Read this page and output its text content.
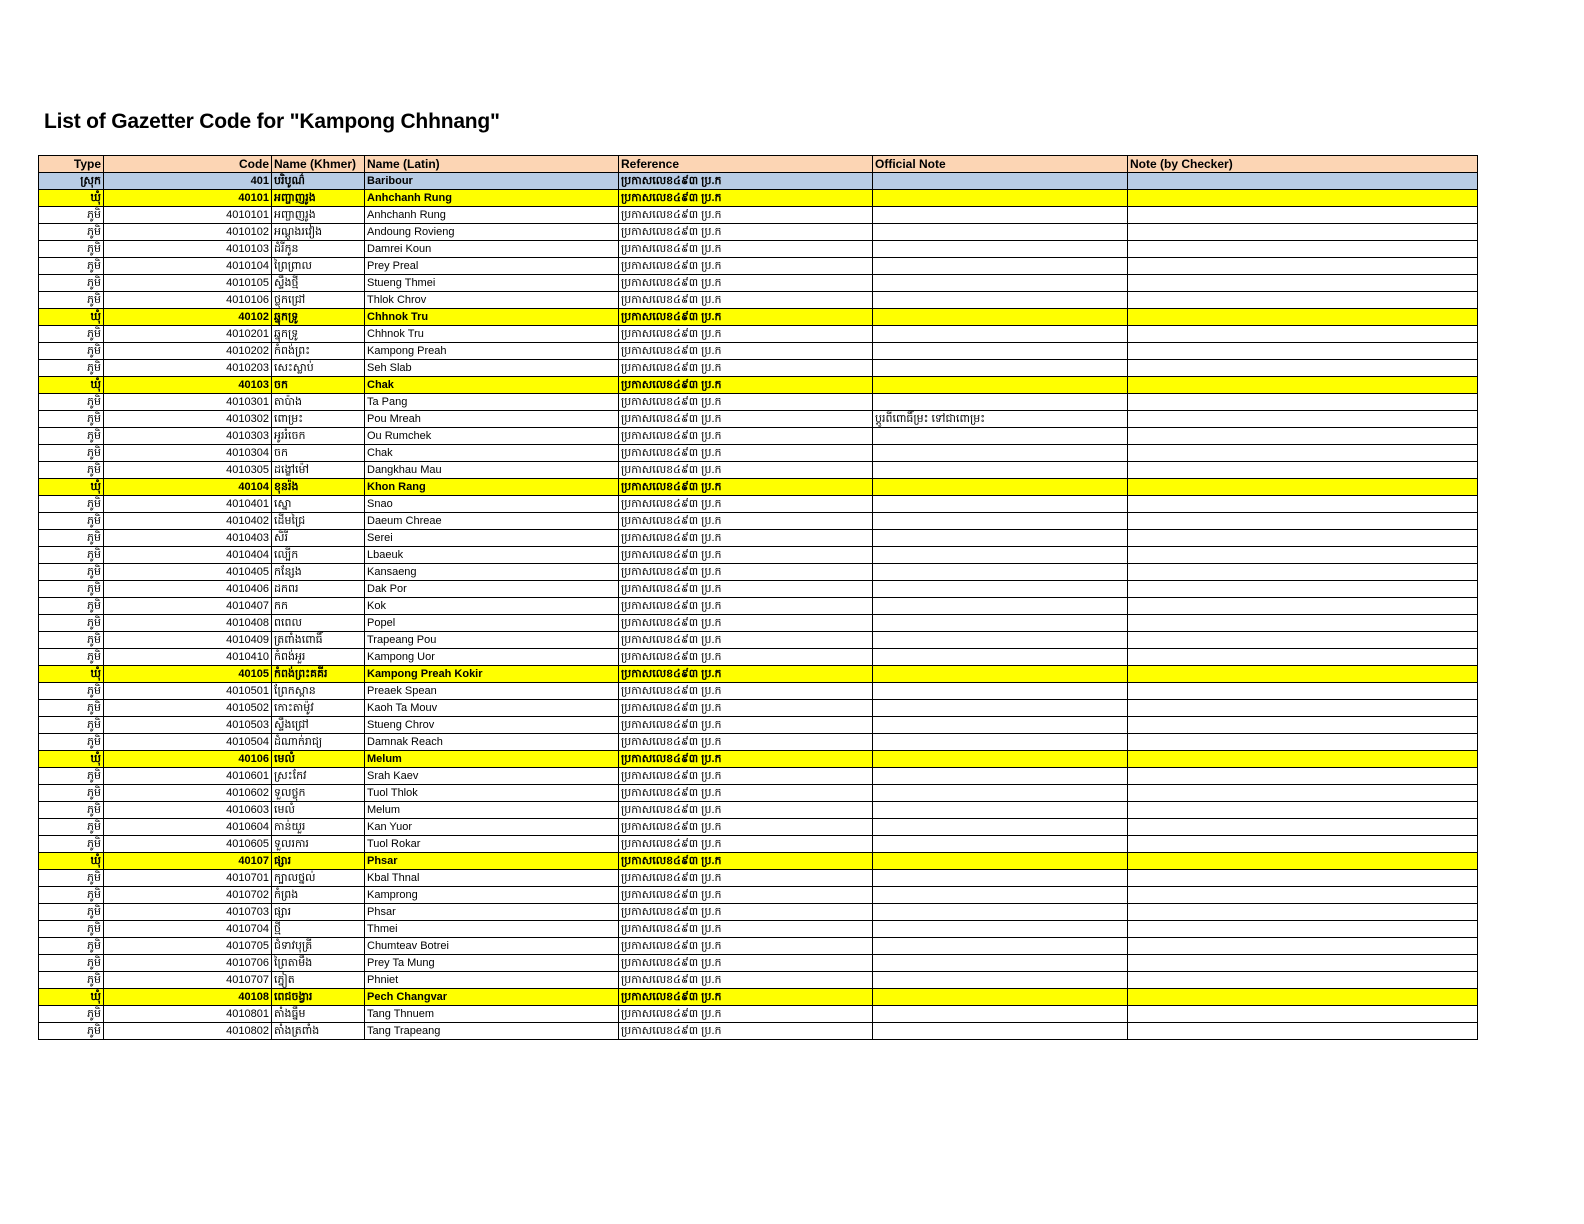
List of Gazetter Code for "Kampong Chhnang"
Type	Code	Name (Khmer)	Name (Latin)	Reference	Official Note	Note (by Checker)
ស្រុក	401	បរិបូណ៌	Baribour	ប្រកាសលេខ៤៩៣ ប្រ.ក		
ឃុំ	40101	អញ្ចាញរូង	Anhchanh Rung	ប្រកាសលេខ៤៩៣ ប្រ.ក		
ភូមិ	4010101	អញ្ចាញរូង	Anhchanh Rung	ប្រកាសលេខ៤៩៣ ប្រ.ក		
ភូមិ	4010102	អណ្តូងរវៀង	Andoung Rovieng	ប្រកាសលេខ៤៩៣ ប្រ.ក		
ភូមិ	4010103	ដំរីកូន	Damrei Koun	ប្រកាសលេខ៤៩៣ ប្រ.ក		
ភូមិ	4010104	ព្រៃព្រាល	Prey Preal	ប្រកាសលេខ៤៩៣ ប្រ.ក		
ភូមិ	4010105	ស្ទឹងថ្មី	Stueng Thmei	ប្រកាសលេខ៤៩៣ ប្រ.ក		
ភូមិ	4010106	ថ្លុកជ្រៅ	Thlok Chrov	ប្រកាសលេខ៤៩៣ ប្រ.ក		
ឃុំ	40102	ឆ្នុកទ្រូ	Chhnok Tru	ប្រកាសលេខ៤៩៣ ប្រ.ក		
ភូមិ	4010201	ឆ្នុកទ្រូ	Chhnok Tru	ប្រកាសលេខ៤៩៣ ប្រ.ក		
ភូមិ	4010202	កំពង់ព្រះ	Kampong Preah	ប្រកាសលេខ៤៩៣ ប្រ.ក		
ភូមិ	4010203	សេះស្លាប់	Seh Slab	ប្រកាសលេខ៤៩៣ ប្រ.ក		
ឃុំ	40103	ចក	Chak	ប្រកាសលេខ៤៩៣ ប្រ.ក		
ភូមិ	4010301	តាប៉ាង	Ta Pang	ប្រកាសលេខ៤៩៣ ប្រ.ក		
ភូមិ	4010302	ពោម្រះ	Pou Mreah	ប្រកាសលេខ៤៩៣ ប្រ.ក	ប្តូរពីពោធិ៍ម្រះ ទៅជាពោម្រះ	
ភូមិ	4010303	អូររំចេក	Ou Rumchek	ប្រកាសលេខ៤៩៣ ប្រ.ក		
ភូមិ	4010304	ចក	Chak	ប្រកាសលេខ៤៩៣ ប្រ.ក		
ភូមិ	4010305	ដង្ខៅម៉ៅ	Dangkhau Mau	ប្រកាសលេខ៤៩៣ ប្រ.ក		
ឃុំ	40104	ខុនរ៉ង	Khon Rang	ប្រកាសលេខ៤៩៣ ប្រ.ក		
ភូមិ	4010401	ស្នោ	Snao	ប្រកាសលេខ៤៩៣ ប្រ.ក		
ភូមិ	4010402	ដើមជ្រៃ	Daeum Chreae	ប្រកាសលេខ៤៩៣ ប្រ.ក		
ភូមិ	4010403	សិរី	Serei	ប្រកាសលេខ៤៩៣ ប្រ.ក		
ភូមិ	4010404	ល្បើក	Lbaeuk	ប្រកាសលេខ៤៩៣ ប្រ.ក		
ភូមិ	4010405	កន្សែង	Kansaeng	ប្រកាសលេខ៤៩៣ ប្រ.ក		
ភូមិ	4010406	ដកពរ	Dak Por	ប្រកាសលេខ៤៩៣ ប្រ.ក		
ភូមិ	4010407	កក	Kok	ប្រកាសលេខ៤៩៣ ប្រ.ក		
ភូមិ	4010408	ពពេល	Popel	ប្រកាសលេខ៤៩៣ ប្រ.ក		
ភូមិ	4010409	ត្រពាំងពោធិ៍	Trapeang Pou	ប្រកាសលេខ៤៩៣ ប្រ.ក		
ភូមិ	4010410	កំពង់អួរ	Kampong Uor	ប្រកាសលេខ៤៩៣ ប្រ.ក		
ឃុំ	40105	កំពង់ព្រះគគីរ	Kampong Preah Kokir	ប្រកាសលេខ៤៩៣ ប្រ.ក		
ភូមិ	4010501	ព្រែកស្ពាន	Preaek Spean	ប្រកាសលេខ៤៩៣ ប្រ.ក		
ភូមិ	4010502	កោះតាម៉ូវ	Kaoh Ta Mouv	ប្រកាសលេខ៤៩៣ ប្រ.ក		
ភូមិ	4010503	ស្ទឹងជ្រៅ	Stueng Chrov	ប្រកាសលេខ៤៩៣ ប្រ.ក		
ភូមិ	4010504	ដំណាក់រាជ្យ	Damnak Reach	ប្រកាសលេខ៤៩៣ ប្រ.ក		
ឃុំ	40106	មេលំ	Melum	ប្រកាសលេខ៤៩៣ ប្រ.ក		
ភូមិ	4010601	ស្រះកែវ	Srah Kaev	ប្រកាសលេខ៤៩៣ ប្រ.ក		
ភូមិ	4010602	ទួលថ្លុក	Tuol Thlok	ប្រកាសលេខ៤៩៣ ប្រ.ក		
ភូមិ	4010603	មេលំ	Melum	ប្រកាសលេខ៤៩៣ ប្រ.ក		
ភូមិ	4010604	កាន់យួរ	Kan Yuor	ប្រកាសលេខ៤៩៣ ប្រ.ក		
ភូមិ	4010605	ទួលរការ	Tuol Rokar	ប្រកាសលេខ៤៩៣ ប្រ.ក		
ឃុំ	40107	ផ្សារ	Phsar	ប្រកាសលេខ៤៩៣ ប្រ.ក		
ភូមិ	4010701	ក្បាលថ្នល់	Kbal Thnal	ប្រកាសលេខ៤៩៣ ប្រ.ក		
ភូមិ	4010702	កំព្រង	Kamprong	ប្រកាសលេខ៤៩៣ ប្រ.ក		
ភូមិ	4010703	ផ្សារ	Phsar	ប្រកាសលេខ៤៩៣ ប្រ.ក		
ភូមិ	4010704	ថ្មី	Thmei	ប្រកាសលេខ៤៩៣ ប្រ.ក		
ភូមិ	4010705	ជំទាវបុត្រី	Chumteav Botrei	ប្រកាសលេខ៤៩៣ ប្រ.ក		
ភូមិ	4010706	ព្រៃតាមឹង	Prey Ta Mung	ប្រកាសលេខ៤៩៣ ប្រ.ក		
ភូមិ	4010707	ភ្នៀត	Phniet	ប្រកាសលេខ៤៩៣ ប្រ.ក		
ឃុំ	40108	ពេជចង្វារ	Pech Changvar	ប្រកាសលេខ៤៩៣ ប្រ.ក		
ភូមិ	4010801	តាំងធ្នឹម	Tang Thnuem	ប្រកាសលេខ៤៩៣ ប្រ.ក		
ភូមិ	4010802	តាំងត្រពាំង	Tang Trapeang	ប្រកាសលេខ៤៩៣ ប្រ.ក		
